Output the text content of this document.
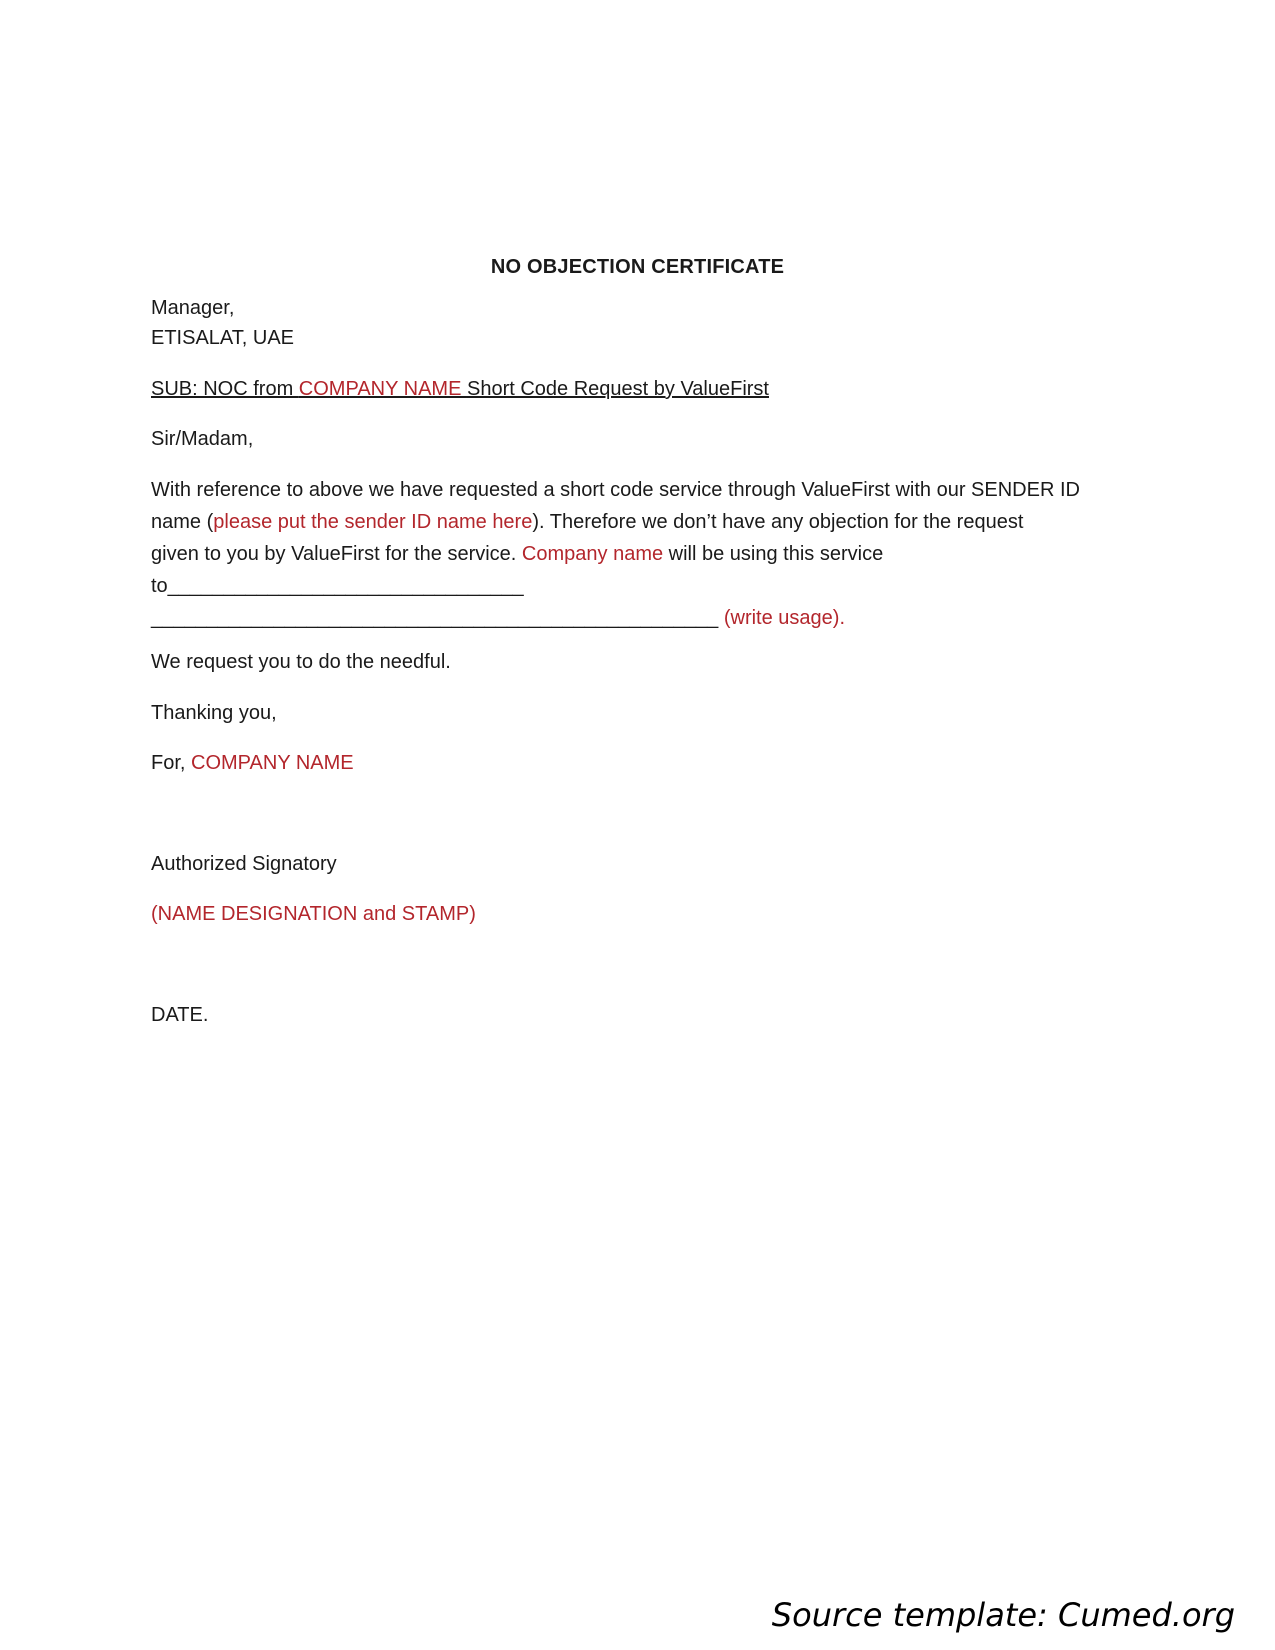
NO OBJECTION CERTIFICATE
Manager,
ETISALAT, UAE
SUB: NOC from COMPANY NAME Short Code Request by ValueFirst
Sir/Madam,
With reference to above we have requested a short code service through ValueFirst with our SENDER ID
name (please put the sender ID name here). Therefore we don’t have any objection for the request
given to you by ValueFirst for the service. Company name will be using this service
to________________________________
___________________________________________________ (write usage).
We request you to do the needful.
Thanking you,
For, COMPANY NAME
Authorized Signatory
(NAME DESIGNATION and STAMP)
DATE.
Source template: Cumed.org
